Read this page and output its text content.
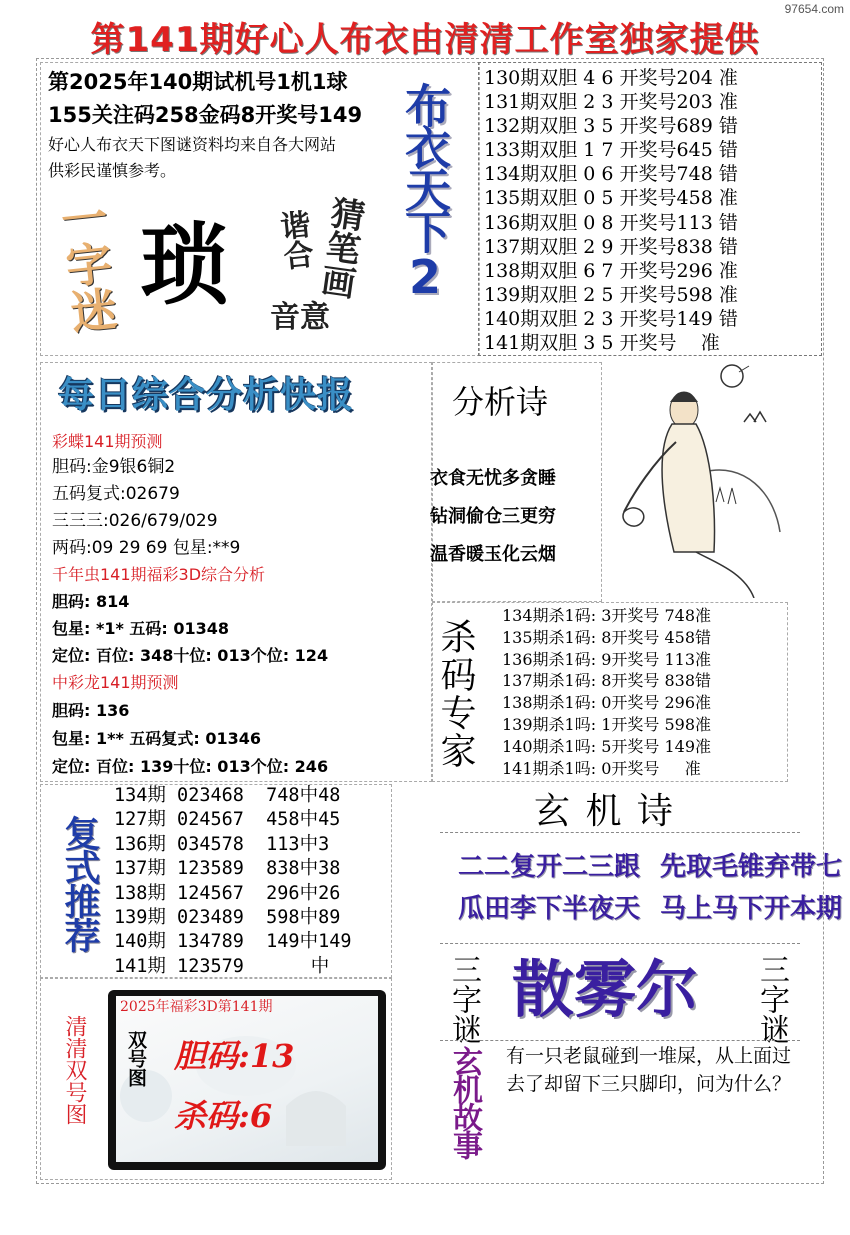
97654.com
第141期好心人布衣由清清工作室独家提供
第2025年140期试机号1机1球
155关注码258金码8开奖号149
好心人布衣天下图谜资料均来自各大网站
供彩民谨慎参考。
一字迷 琐	猜笔画
谐合
音意
布衣天下2
130期双胆 4 6 开奖号204 准
131期双胆 2 3 开奖号203 准
132期双胆 3 5 开奖号689 错
133期双胆 1 7 开奖号645 错
134期双胆 0 6 开奖号748 错
135期双胆 0 5 开奖号458 准
136期双胆 0 8 开奖号113 错
137期双胆 2 9 开奖号838 错
138期双胆 6 7 开奖号296 准
139期双胆 2 5 开奖号598 准
140期双胆 2 3 开奖号149 错
141期双胆 3 5 开奖号    准
每日综合分析快报
彩蝶141期预测
胆码:金9银6铜2
五码复式:02679
三三三:026/679/029
两码:09 29 69 包星:**9
千年虫141期福彩3D综合分析
胆码: 814
包星: *1* 五码: 01348
定位: 百位: 348十位: 013个位: 124
中彩龙141期预测
胆码: 136
包星: 1** 五码复式: 01346
定位: 百位: 139十位: 013个位: 246
分析诗
衣食无忧多贪睡
钻洞偷仓三更穷
温香暖玉化云烟
杀码专家
134期杀1码: 3开奖号 748准
135期杀1码: 8开奖号 458错
136期杀1码: 9开奖号 113准
137期杀1码: 8开奖号 838错
138期杀1码: 0开奖号 296准
139期杀1吗: 1开奖号 598准
140期杀1吗: 5开奖号 149准
141期杀1吗: 0开奖号     准
复式推荐
134期 023468  748中48
127期 024567  458中45
136期 034578  113中3
137期 123589  838中38
138期 124567  296中26
139期 023489  598中89
140期 134789  149中149
141期 123579      中
玄 机 诗
二二复开二三跟 先取毛锥弃带七
瓜田李下半夜天 马上马下开本期
清清双号图
2025年福彩3D第141期
双号图 胆码:13
杀码:6
三字谜 散雾尔 三字谜
玄机故事 有一只老鼠碰到一堆屎，从上面过去了却留下三只脚印，问为什么？
